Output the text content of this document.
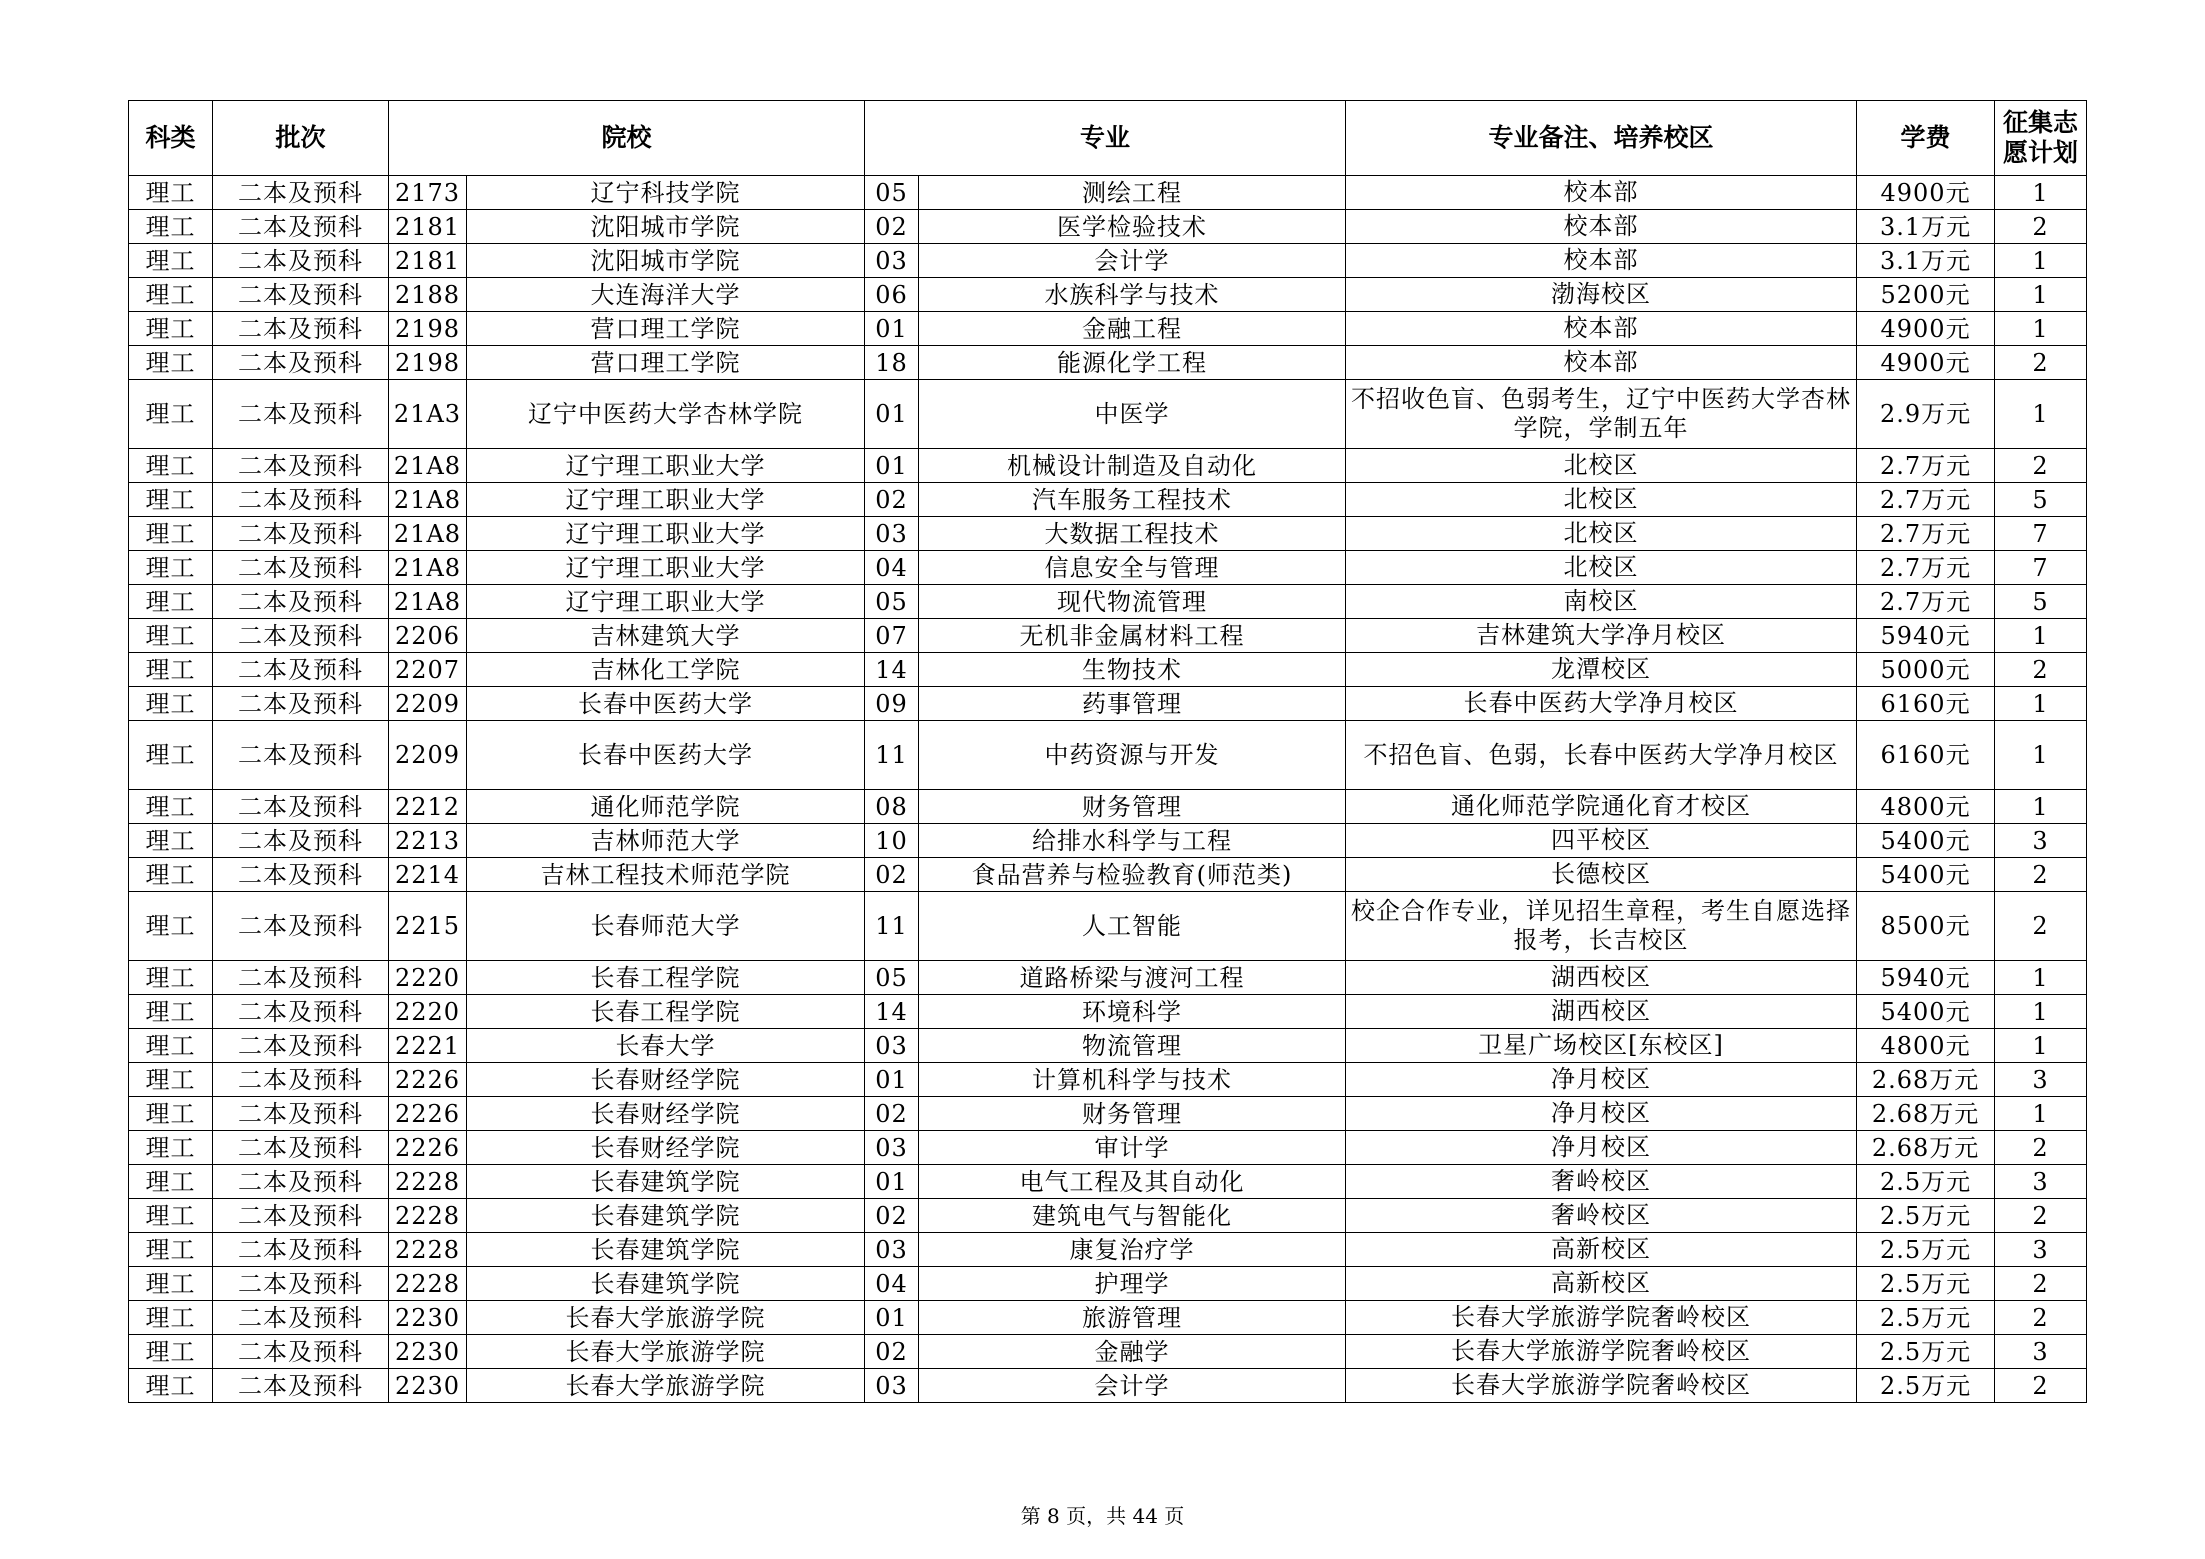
科类	批次	院校		专业		专业备注、培养校区	学费	征集志愿计划
理工	二本及预科	2173	辽宁科技学院	05	测绘工程	校本部	4900元	1
理工	二本及预科	2181	沈阳城市学院	02	医学检验技术	校本部	3.1万元	2
理工	二本及预科	2181	沈阳城市学院	03	会计学	校本部	3.1万元	1
理工	二本及预科	2188	大连海洋大学	06	水族科学与技术	渤海校区	5200元	1
理工	二本及预科	2198	营口理工学院	01	金融工程	校本部	4900元	1
理工	二本及预科	2198	营口理工学院	18	能源化学工程	校本部	4900元	2
理工	二本及预科	21A3	辽宁中医药大学杏林学院	01	中医学	不招收色盲、色弱考生，辽宁中医药大学杏林学院，学制五年	2.9万元	1
理工	二本及预科	21A8	辽宁理工职业大学	01	机械设计制造及自动化	北校区	2.7万元	2
理工	二本及预科	21A8	辽宁理工职业大学	02	汽车服务工程技术	北校区	2.7万元	5
理工	二本及预科	21A8	辽宁理工职业大学	03	大数据工程技术	北校区	2.7万元	7
理工	二本及预科	21A8	辽宁理工职业大学	04	信息安全与管理	北校区	2.7万元	7
理工	二本及预科	21A8	辽宁理工职业大学	05	现代物流管理	南校区	2.7万元	5
理工	二本及预科	2206	吉林建筑大学	07	无机非金属材料工程	吉林建筑大学净月校区	5940元	1
理工	二本及预科	2207	吉林化工学院	14	生物技术	龙潭校区	5000元	2
理工	二本及预科	2209	长春中医药大学	09	药事管理	长春中医药大学净月校区	6160元	1
理工	二本及预科	2209	长春中医药大学	11	中药资源与开发	不招色盲、色弱，长春中医药大学净月校区	6160元	1
理工	二本及预科	2212	通化师范学院	08	财务管理	通化师范学院通化育才校区	4800元	1
理工	二本及预科	2213	吉林师范大学	10	给排水科学与工程	四平校区	5400元	3
理工	二本及预科	2214	吉林工程技术师范学院	02	食品营养与检验教育(师范类)	长德校区	5400元	2
理工	二本及预科	2215	长春师范大学	11	人工智能	校企合作专业，详见招生章程，考生自愿选择报考，长吉校区	8500元	2
理工	二本及预科	2220	长春工程学院	05	道路桥梁与渡河工程	湖西校区	5940元	1
理工	二本及预科	2220	长春工程学院	14	环境科学	湖西校区	5400元	1
理工	二本及预科	2221	长春大学	03	物流管理	卫星广场校区[东校区]	4800元	1
理工	二本及预科	2226	长春财经学院	01	计算机科学与技术	净月校区	2.68万元	3
理工	二本及预科	2226	长春财经学院	02	财务管理	净月校区	2.68万元	1
理工	二本及预科	2226	长春财经学院	03	审计学	净月校区	2.68万元	2
理工	二本及预科	2228	长春建筑学院	01	电气工程及其自动化	奢岭校区	2.5万元	3
理工	二本及预科	2228	长春建筑学院	02	建筑电气与智能化	奢岭校区	2.5万元	2
理工	二本及预科	2228	长春建筑学院	03	康复治疗学	高新校区	2.5万元	3
理工	二本及预科	2228	长春建筑学院	04	护理学	高新校区	2.5万元	2
理工	二本及预科	2230	长春大学旅游学院	01	旅游管理	长春大学旅游学院奢岭校区	2.5万元	2
理工	二本及预科	2230	长春大学旅游学院	02	金融学	长春大学旅游学院奢岭校区	2.5万元	3
理工	二本及预科	2230	长春大学旅游学院	03	会计学	长春大学旅游学院奢岭校区	2.5万元	2
第 8 页，共 44 页
